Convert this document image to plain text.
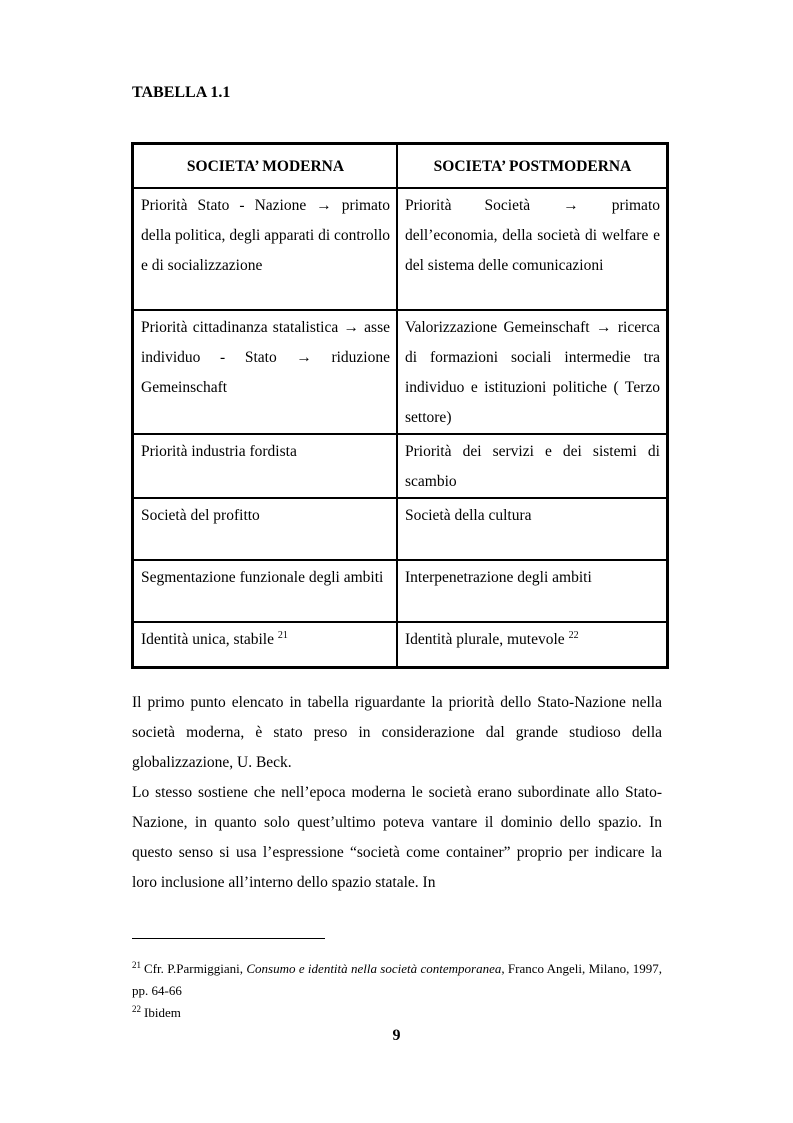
TABELLA 1.1
SOCIETA’ MODERNA	SOCIETA’ POSTMODERNA
Priorità Stato - Nazione → primato della politica, degli apparati di controllo e di socializzazione	Priorità Società → primato dell’economia, della società di welfare e del sistema delle comunicazioni
Priorità cittadinanza statalistica → asse individuo - Stato → riduzione Gemeinschaft	Valorizzazione Gemeinschaft → ricerca di formazioni sociali intermedie tra individuo e istituzioni politiche ( Terzo settore)
Priorità industria fordista	Priorità dei servizi e dei sistemi di scambio
Società del profitto	Società della cultura
Segmentazione funzionale degli ambiti	Interpenetrazione degli ambiti
Identità unica, stabile $^{21}$	Identità plurale, mutevole $^{22}$

Il primo punto elencato in tabella riguardante la priorità dello Stato-Nazione nella società moderna, è stato preso in considerazione dal grande studioso della globalizzazione, U. Beck.

Lo stesso sostiene che nell’epoca moderna le società erano subordinate allo Stato-Nazione, in quanto solo quest’ultimo poteva vantare il dominio dello spazio. In questo senso si usa l’espressione “società come container” proprio per indicare la loro inclusione all’interno dello spazio statale. In

$^{21}$ Cfr. P.Parmiggiani, Consumo e identità nella società contemporanea, Franco Angeli, Milano, 1997, pp. 64-66

$^{22}$ Ibidem

9
